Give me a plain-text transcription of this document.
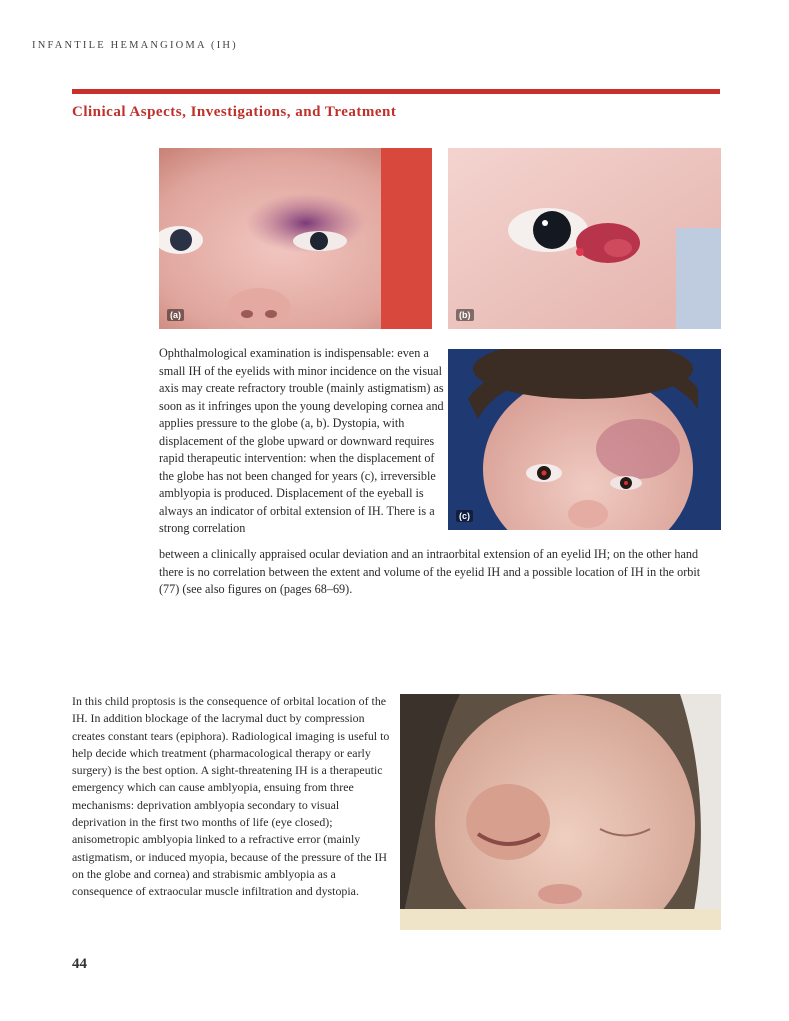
INFANTILE HEMANGIOMA (IH)
Clinical Aspects, Investigations, and Treatment
(a)	(b)
(c)

Ophthalmological examination is indispensable: even a small IH of the eyelids with minor incidence on the visual axis may create refractory trouble (mainly astigmatism) as soon as it infringes upon the young developing cornea and applies pressure to the globe (a, b). Dystopia, with displacement of the globe upward or downward requires rapid therapeutic intervention: when the displacement of the globe has not been changed for years (c), irreversible amblyopia is produced. Displacement of the eyeball is always an indicator of orbital extension of IH. There is a strong correlation

between a clinically appraised ocular deviation and an intraorbital extension of an eyelid IH; on the other hand there is no correlation between the extent and volume of the eyelid IH and a possible location of IH in the orbit (77) (see also figures on (pages 68–69).

In this child proptosis is the consequence of orbital location of the IH. In addition blockage of the lacrymal duct by compression creates constant tears (epiphora). Radiological imaging is useful to help decide which treatment (pharmacological therapy or early surgery) is the best option. A sight-threatening IH is a therapeutic emergency which can cause amblyopia, ensuing from three mechanisms: deprivation amblyopia secondary to visual deprivation in the first two months of life (eye closed); anisometropic amblyopia linked to a refractive error (mainly astigmatism, or induced myopia, because of the pressure of the IH on the globe and cornea) and strabismic amblyopia as a consequence of extraocular muscle infiltration and dystopia.

44
